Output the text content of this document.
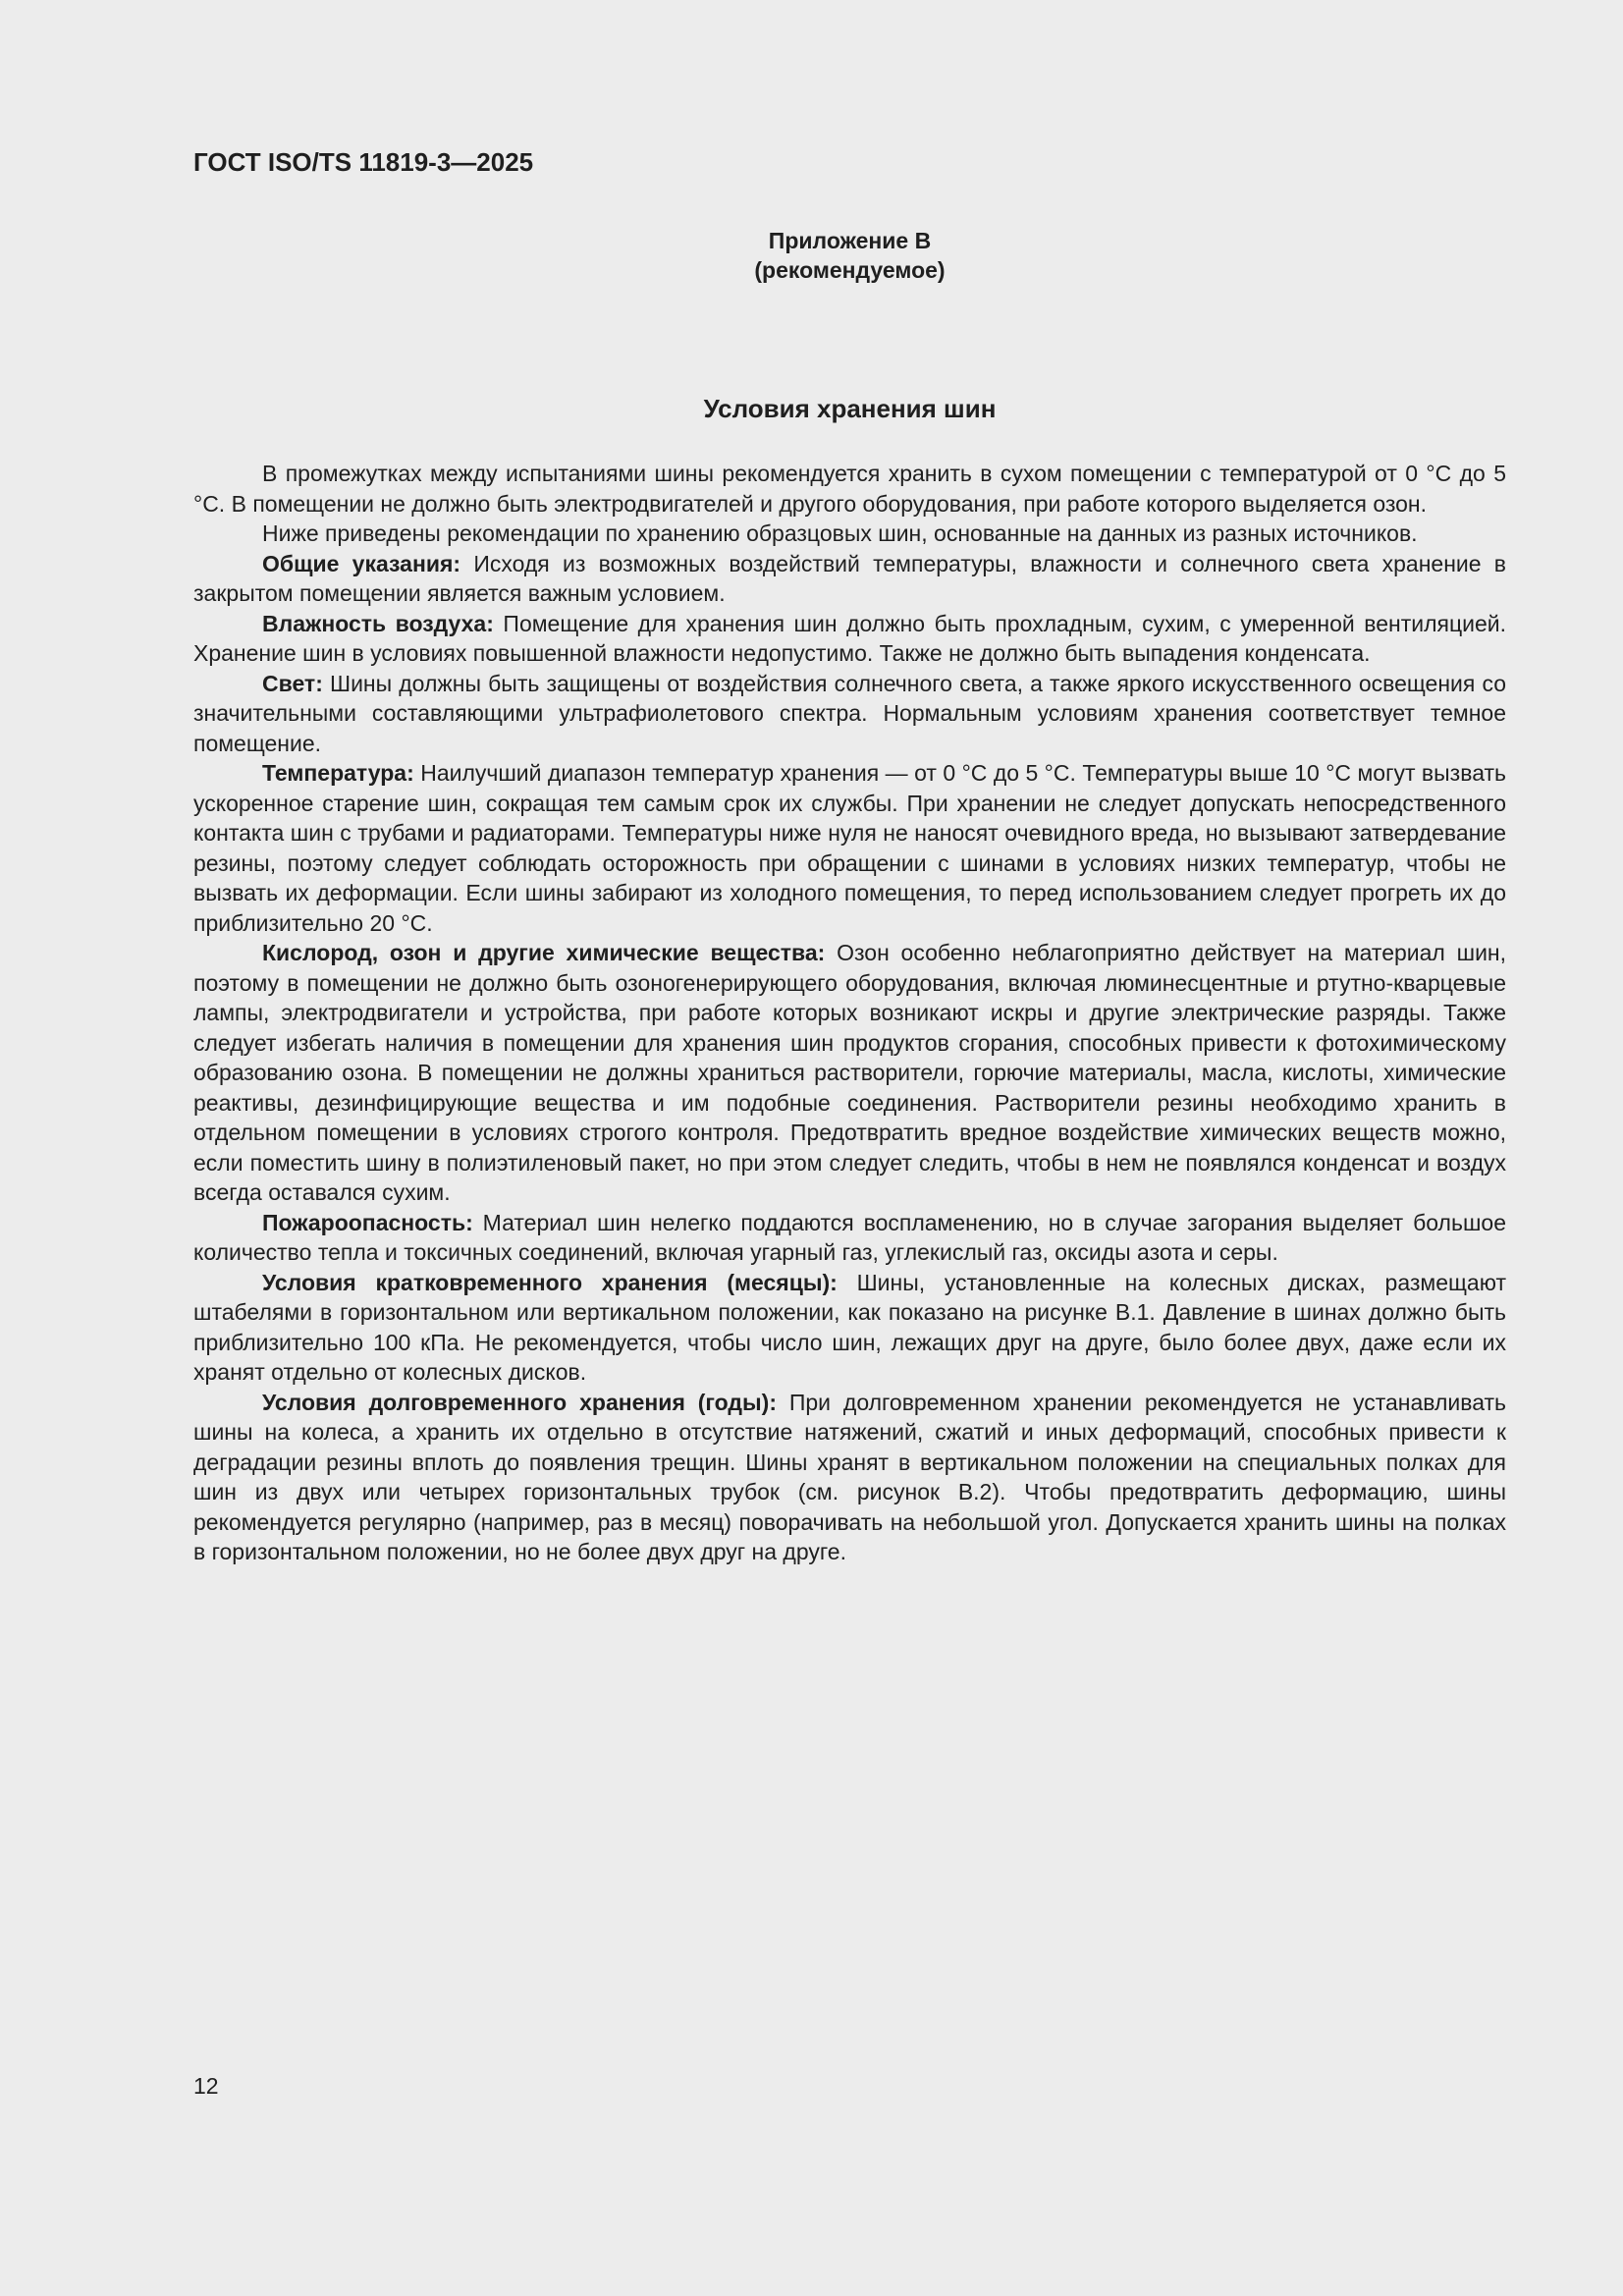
ГОСТ ISO/TS 11819-3—2025
Приложение В
(рекомендуемое)
Условия хранения шин

В промежутках между испытаниями шины рекомендуется хранить в сухом помещении с температурой от 0 °С до 5 °С. В помещении не должно быть электродвигателей и другого оборудования, при работе которого выделяется озон.

Ниже приведены рекомендации по хранению образцовых шин, основанные на данных из разных источников.

Общие указания: Исходя из возможных воздействий температуры, влажности и солнечного света хранение в закрытом помещении является важным условием.

Влажность воздуха: Помещение для хранения шин должно быть прохладным, сухим, с умеренной вентиляцией. Хранение шин в условиях повышенной влажности недопустимо. Также не должно быть выпадения конденсата.

Свет: Шины должны быть защищены от воздействия солнечного света, а также яркого искусственного освещения со значительными составляющими ультрафиолетового спектра. Нормальным условиям хранения соответствует темное помещение.

Температура: Наилучший диапазон температур хранения — от 0 °С до 5 °С. Температуры выше 10 °С могут вызвать ускоренное старение шин, сокращая тем самым срок их службы. При хранении не следует допускать непосредственного контакта шин с трубами и радиаторами. Температуры ниже нуля не наносят очевидного вреда, но вызывают затвердевание резины, поэтому следует соблюдать осторожность при обращении с шинами в условиях низких температур, чтобы не вызвать их деформации. Если шины забирают из холодного помещения, то перед использованием следует прогреть их до приблизительно 20 °С.

Кислород, озон и другие химические вещества: Озон особенно неблагоприятно действует на материал шин, поэтому в помещении не должно быть озоногенерирующего оборудования, включая люминесцентные и ртутно-кварцевые лампы, электродвигатели и устройства, при работе которых возникают искры и другие электрические разряды. Также следует избегать наличия в помещении для хранения шин продуктов сгорания, способных привести к фотохимическому образованию озона. В помещении не должны храниться растворители, горючие материалы, масла, кислоты, химические реактивы, дезинфицирующие вещества и им подобные соединения. Растворители резины необходимо хранить в отдельном помещении в условиях строгого контроля. Предотвратить вредное воздействие химических веществ можно, если поместить шину в полиэтиленовый пакет, но при этом следует следить, чтобы в нем не появлялся конденсат и воздух всегда оставался сухим.

Пожароопасность: Материал шин нелегко поддаются воспламенению, но в случае загорания выделяет большое количество тепла и токсичных соединений, включая угарный газ, углекислый газ, оксиды азота и серы.

Условия кратковременного хранения (месяцы): Шины, установленные на колесных дисках, размещают штабелями в горизонтальном или вертикальном положении, как показано на рисунке В.1. Давление в шинах должно быть приблизительно 100 кПа. Не рекомендуется, чтобы число шин, лежащих друг на друге, было более двух, даже если их хранят отдельно от колесных дисков.

Условия долговременного хранения (годы): При долговременном хранении рекомендуется не устанавливать шины на колеса, а хранить их отдельно в отсутствие натяжений, сжатий и иных деформаций, способных привести к деградации резины вплоть до появления трещин. Шины хранят в вертикальном положении на специальных полках для шин из двух или четырех горизонтальных трубок (см. рисунок В.2). Чтобы предотвратить деформацию, шины рекомендуется регулярно (например, раз в месяц) поворачивать на небольшой угол. Допускается хранить шины на полках в горизонтальном положении, но не более двух друг на друге.

12
